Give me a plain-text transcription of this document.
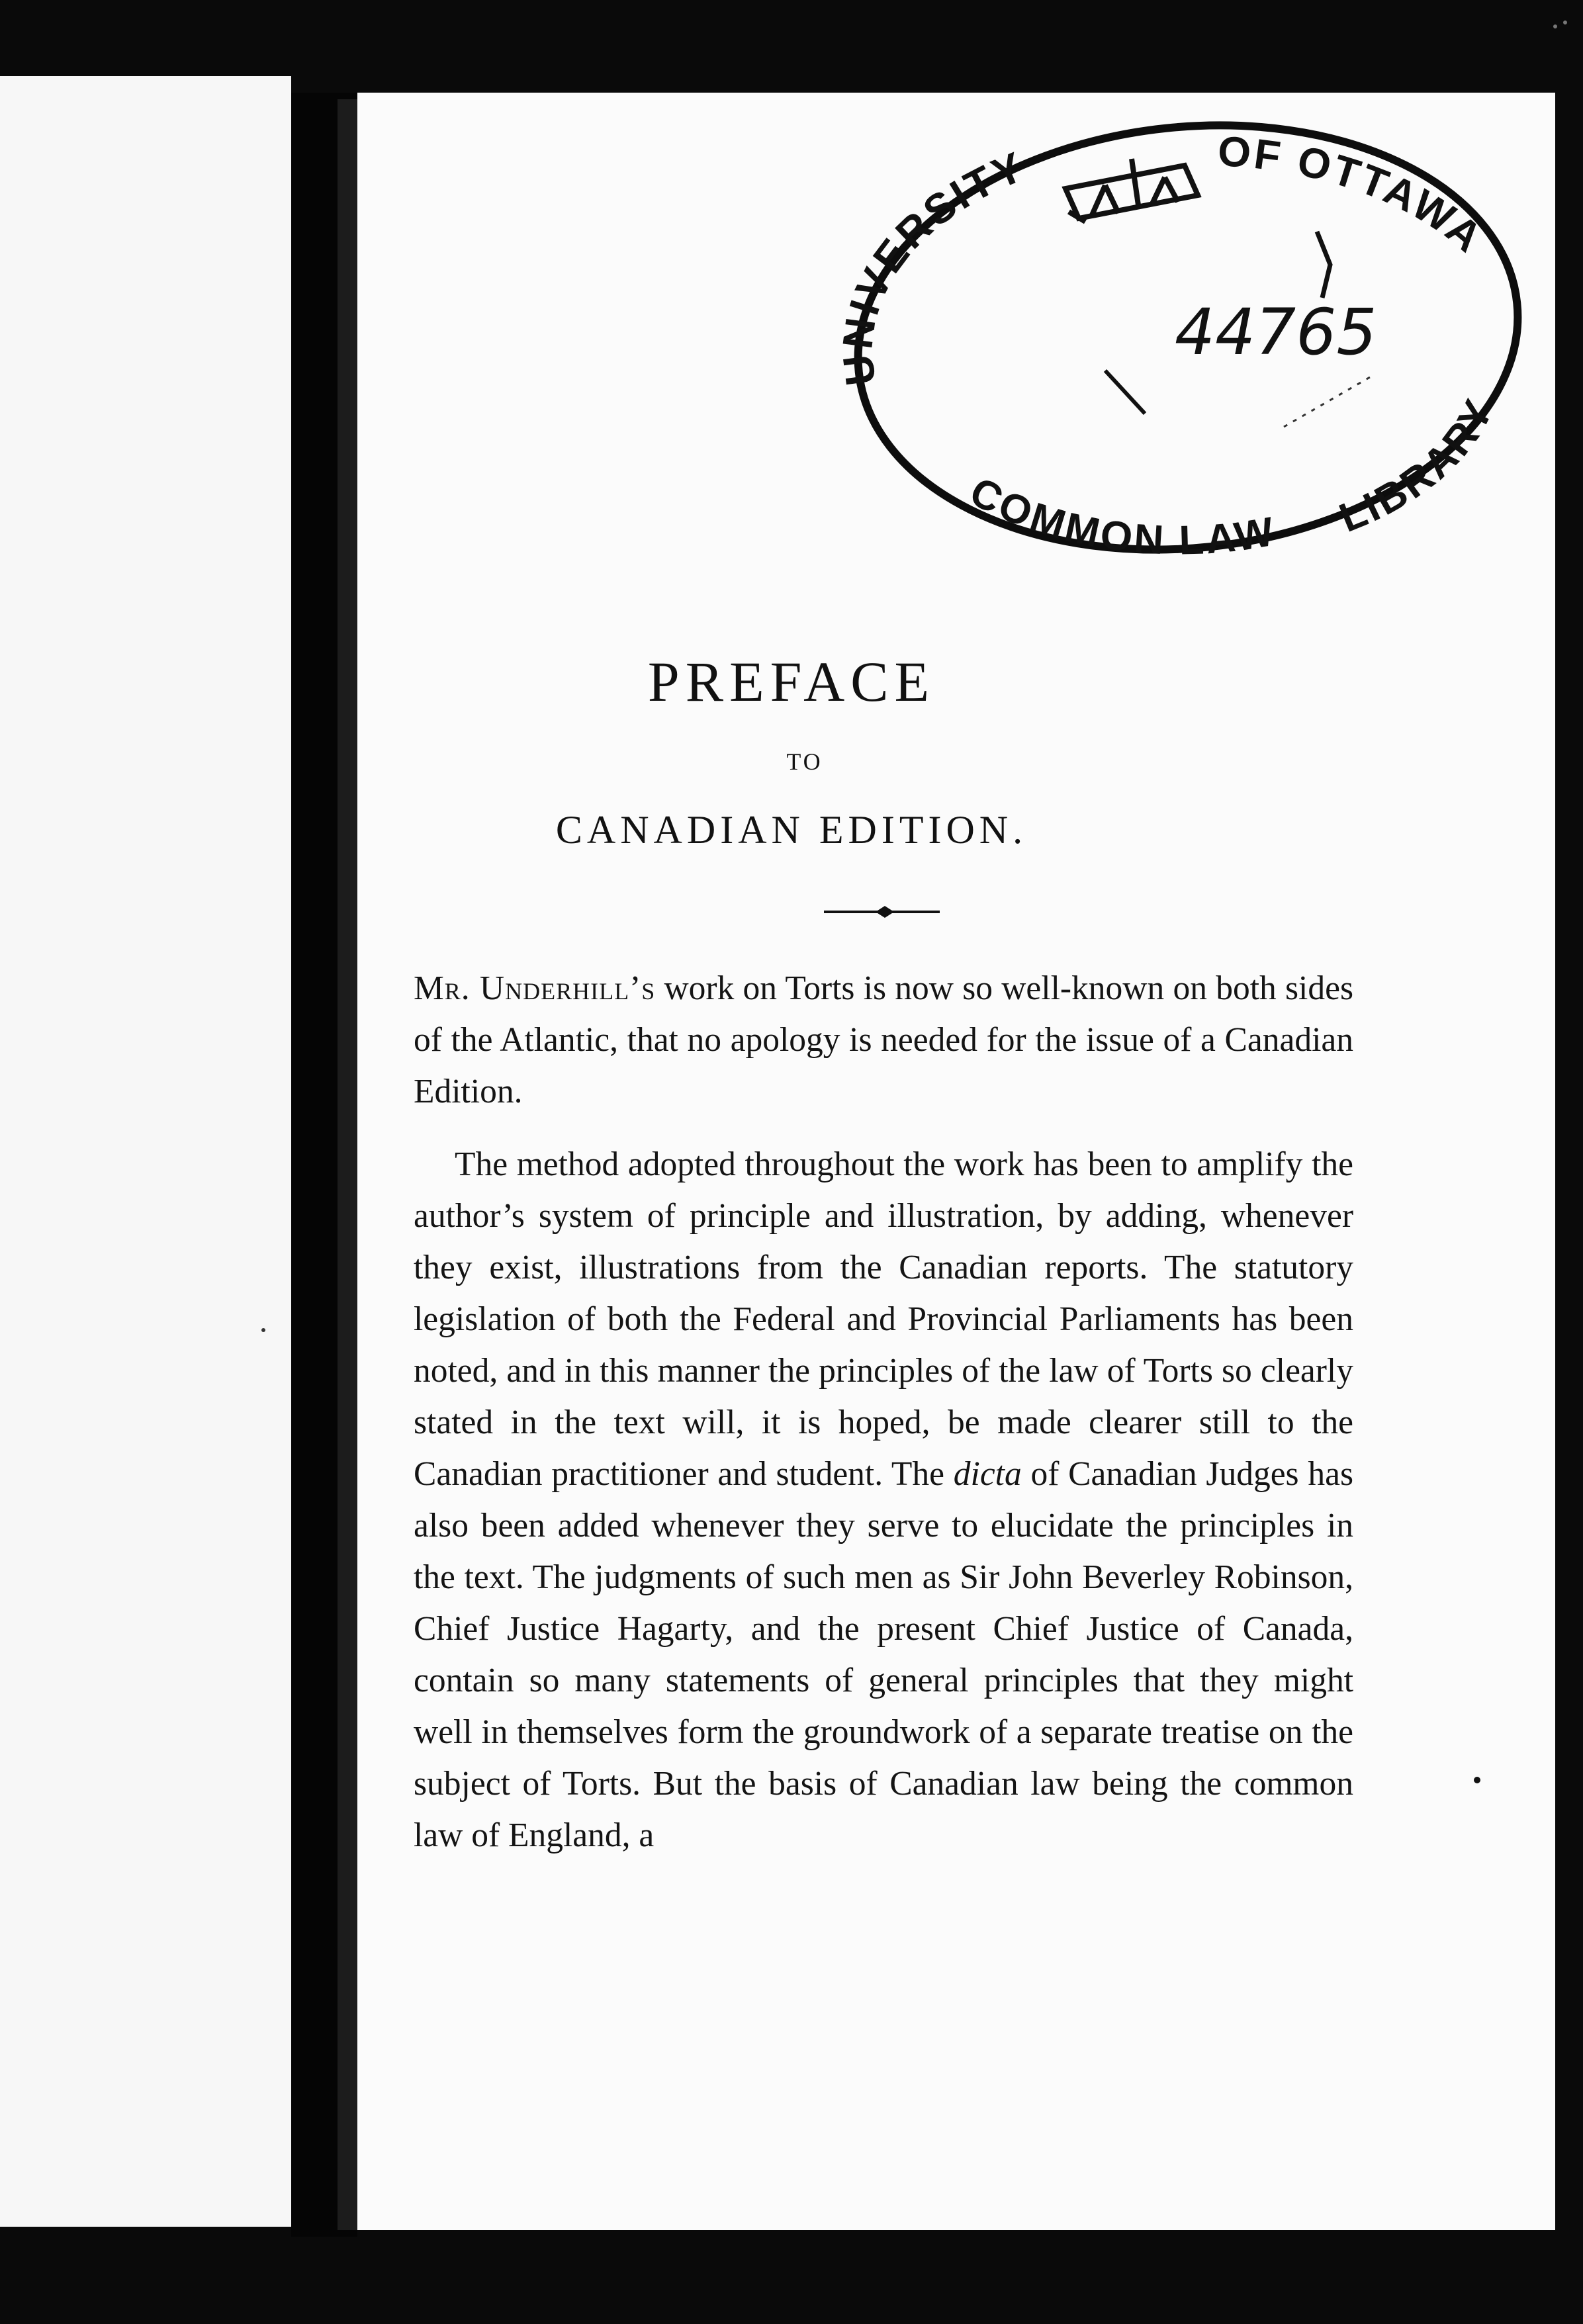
UNIVERSITY	OF OTTAWA
LIBRARY
COMMON LAW
44765
PREFACE
TO
CANADIAN EDITION.

Mr. Underhill’s work on Torts is now so well-known on both sides of the Atlantic, that no apology is needed for the issue of a Canadian Edition.

The method adopted throughout the work has been to amplify the author’s system of principle and illustration, by adding, whenever they exist, illustrations from the Canadian reports. The statutory legislation of both the Federal and Provincial Parliaments has been noted, and in this manner the principles of the law of Torts so clearly stated in the text will, it is hoped, be made clearer still to the Canadian practitioner and student. The dicta of Canadian Judges has also been added whenever they serve to elucidate the principles in the text. The judgments of such men as Sir John Beverley Robinson, Chief Justice Hagarty, and the present Chief Justice of Canada, contain so many statements of general principles that they might well in themselves form the groundwork of a separate treatise on the subject of Torts. But the basis of Canadian law being the common law of England, a
